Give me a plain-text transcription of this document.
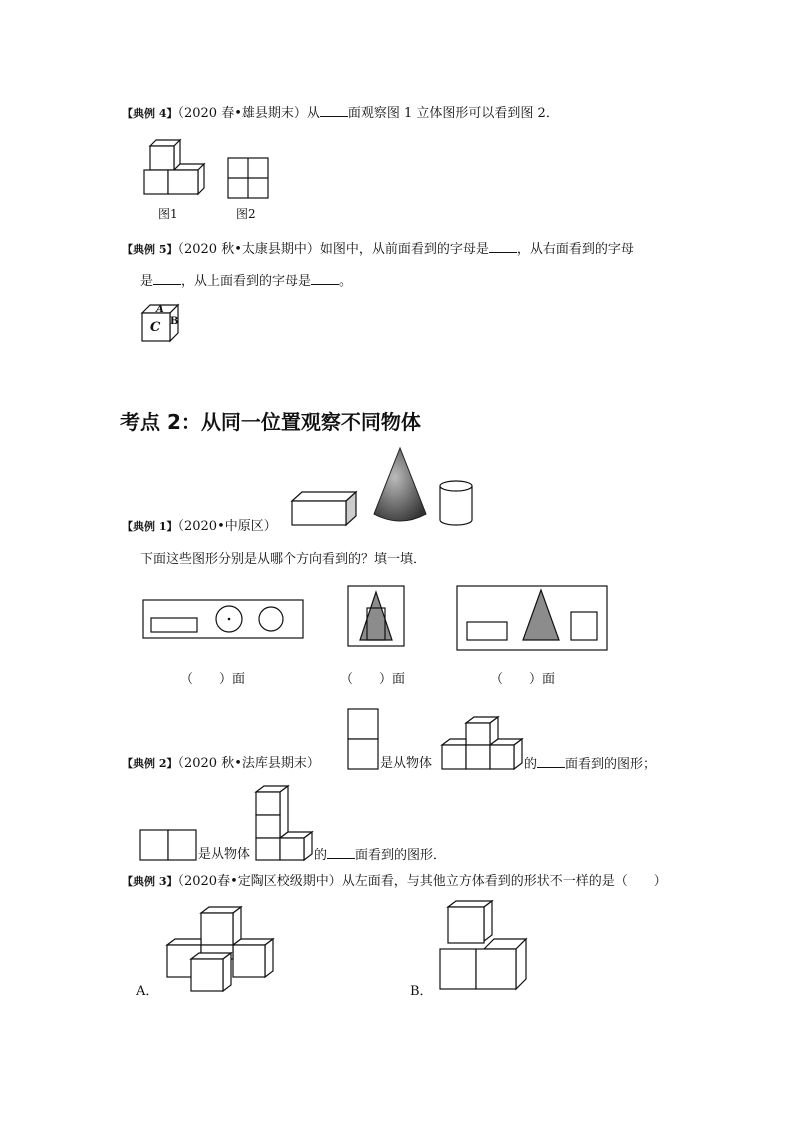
【典例 4】（2020 春•雄县期末）从 面观察图 1 立体图形可以看到图 2．
图1	图2
【典例 5】（2020 秋•太康县期中）如图中，从前面看到的字母是 ，从右面看到的字母
是 ，从上面看到的字母是 。
A
C B
考点 2：从同一位置观察不同物体
【典例 1】（2020•中原区）
下面这些图形分别是从哪个方向看到的？填一填．
（　　）面	（　　）面	（　　）面
【典例 2】（2020 秋•法库县期末）	是从物体	的 面看到的图形；
是从物体	的 面看到的图形．
【典例 3】（2020春•定陶区校级期中）从左面看，与其他立方体看到的形状不一样的是（　　）
A．	B．
